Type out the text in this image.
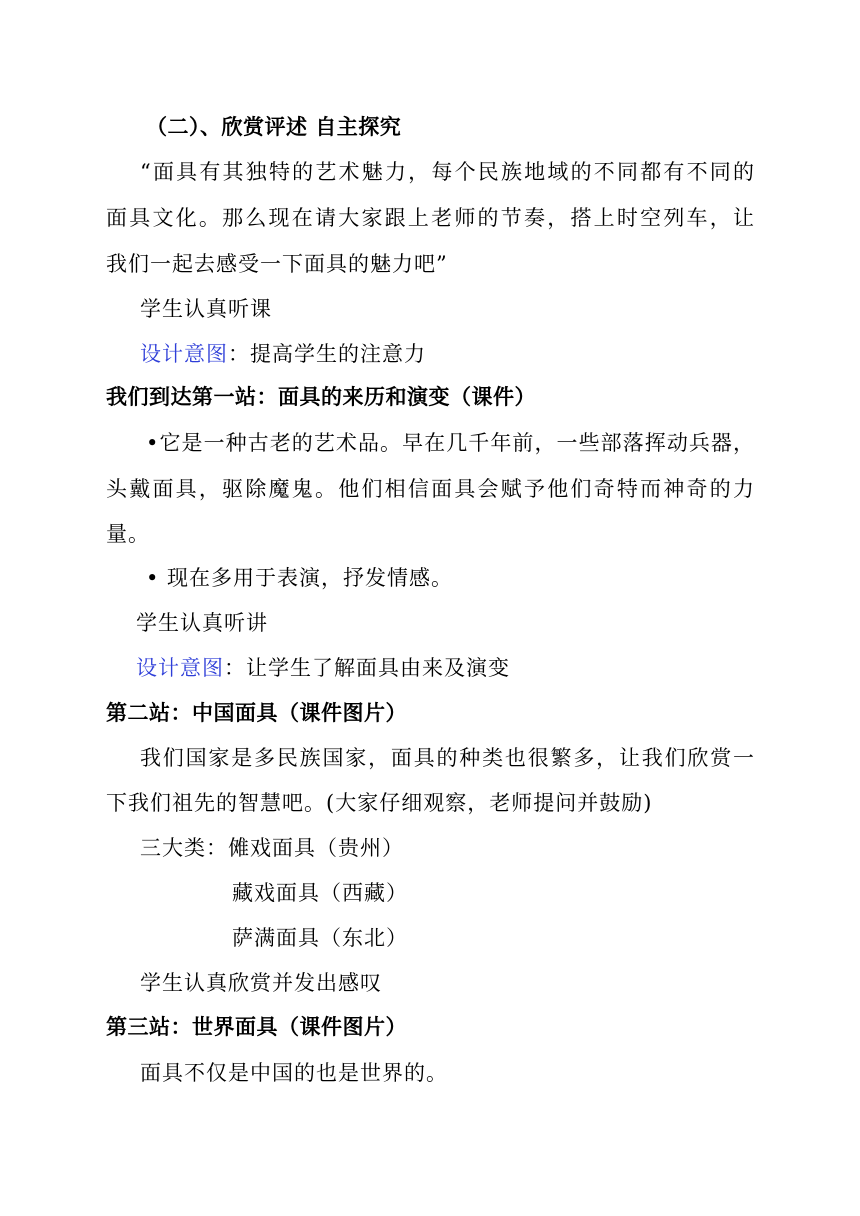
（二）、欣赏评述 自主探究
“面具有其独特的艺术魅力，每个民族地域的不同都有不同的
面具文化。那么现在请大家跟上老师的节奏，搭上时空列车，让
我们一起去感受一下面具的魅力吧”
学生认真听课
设计意图：提高学生的注意力
我们到达第一站：面具的来历和演变（课件）
•它是一种古老的艺术品。早在几千年前，一些部落挥动兵器，
头戴面具，驱除魔鬼。他们相信面具会赋予他们奇特而神奇的力
量。
• 现在多用于表演，抒发情感。
学生认真听讲
设计意图：让学生了解面具由来及演变
第二站：中国面具（课件图片）
我们国家是多民族国家，面具的种类也很繁多，让我们欣赏一
下我们祖先的智慧吧。(大家仔细观察，老师提问并鼓励)
三大类：傩戏面具（贵州）
藏戏面具（西藏）
萨满面具（东北）
学生认真欣赏并发出感叹
第三站：世界面具（课件图片）
面具不仅是中国的也是世界的。
